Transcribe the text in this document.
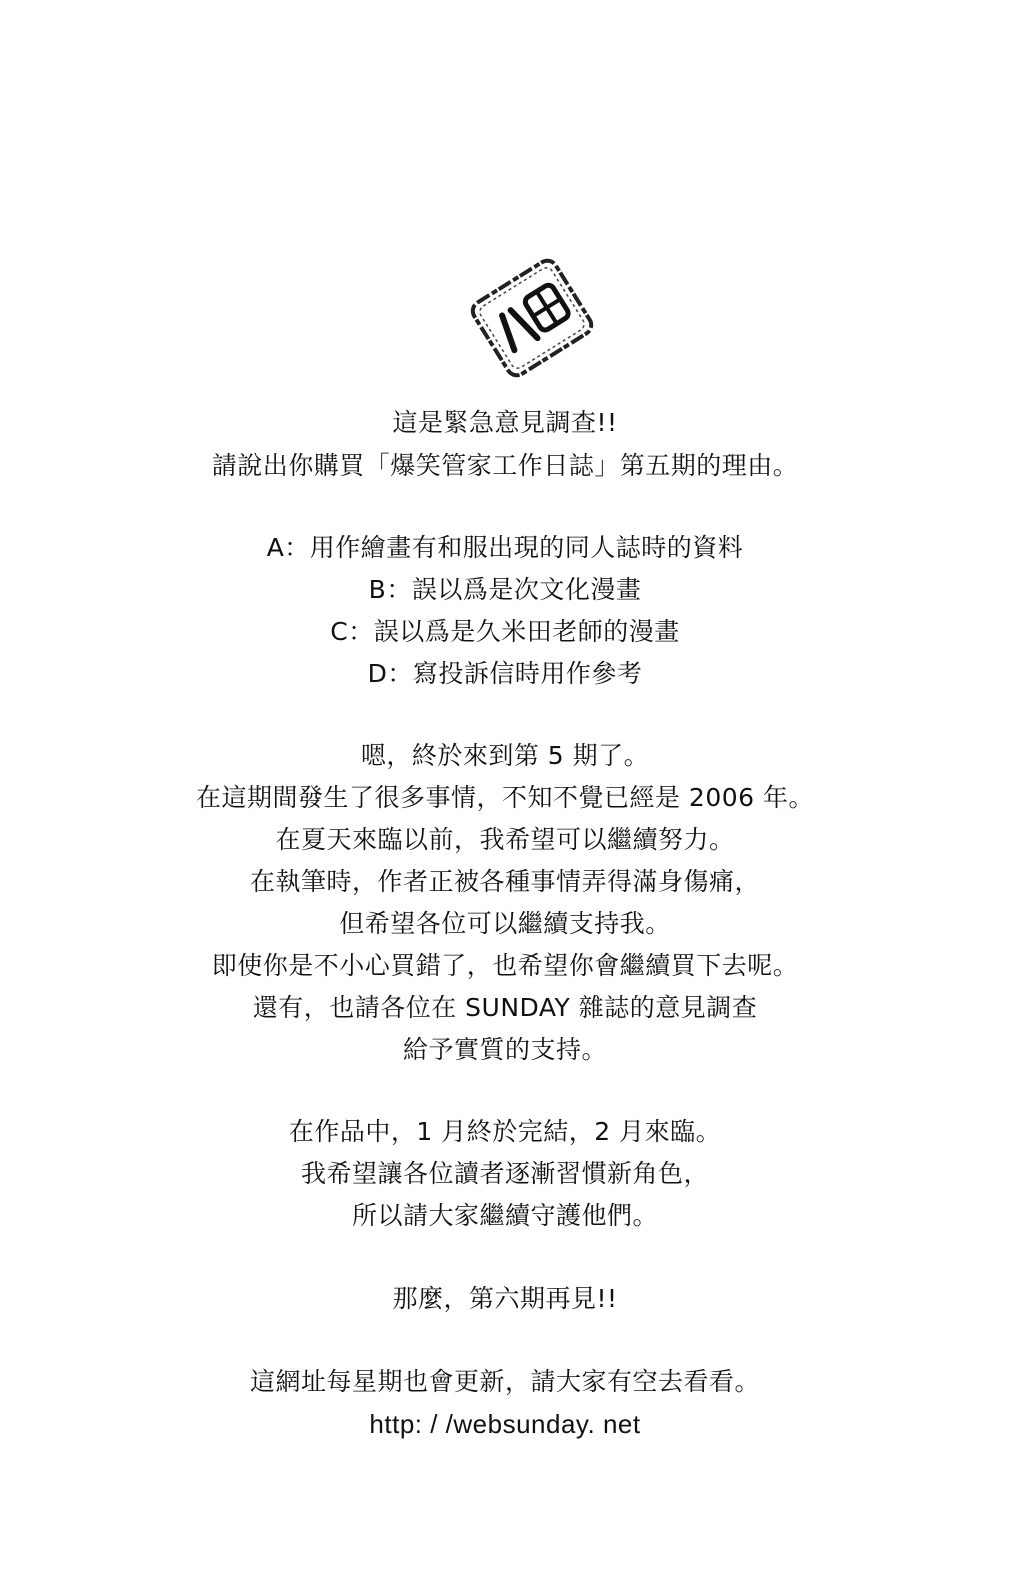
這是緊急意見調查!!
請說出你購買「爆笑管家工作日誌」第五期的理由。
A：用作繪畫有和服出現的同人誌時的資料
B：誤以爲是次文化漫畫
C：誤以爲是久米田老師的漫畫
D：寫投訴信時用作參考
嗯，終於來到第 5 期了。
在這期間發生了很多事情，不知不覺已經是 2006 年。
在夏天來臨以前，我希望可以繼續努力。
在執筆時，作者正被各種事情弄得滿身傷痛，
但希望各位可以繼續支持我。
即使你是不小心買錯了，也希望你會繼續買下去呢。
還有，也請各位在 SUNDAY 雜誌的意見調查
給予實質的支持。
在作品中，1 月終於完結，2 月來臨。
我希望讓各位讀者逐漸習慣新角色，
所以請大家繼續守護他們。
那麼，第六期再見!!
這網址每星期也會更新，請大家有空去看看。
http: / /websunday. net
